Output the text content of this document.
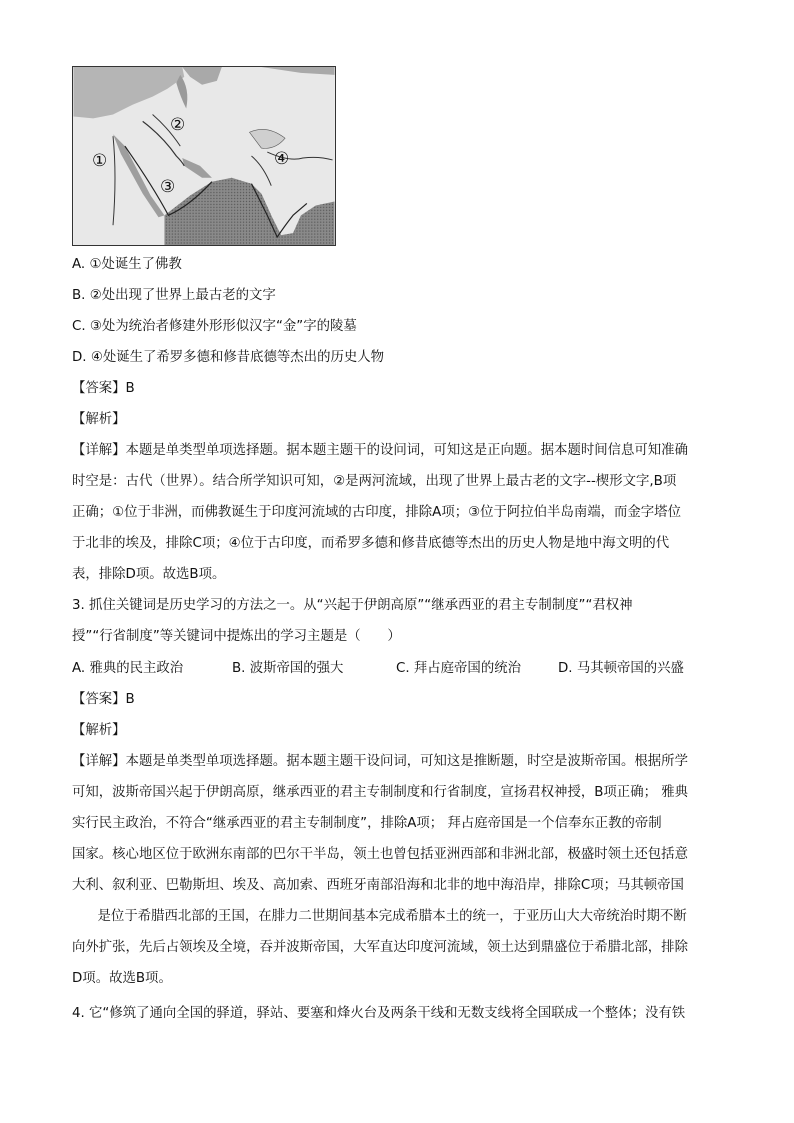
①
②
③
④
A. ①处诞生了佛教
B. ②处出现了世界上最古老的文字
C. ③处为统治者修建外形形似汉字“金”字的陵墓
D. ④处诞生了希罗多德和修昔底德等杰出的历史人物
【答案】B
【解析】
【详解】本题是单类型单项选择题。据本题主题干的设问词，可知这是正向题。据本题时间信息可知准确
时空是：古代（世界）。结合所学知识可知，②是两河流域，出现了世界上最古老的文字--楔形文字,B项
正确；①位于非洲，而佛教诞生于印度河流域的古印度，排除A项；③位于阿拉伯半岛南端，而金字塔位
于北非的埃及，排除C项；④位于古印度，而希罗多德和修昔底德等杰出的历史人物是地中海文明的代
表，排除D项。故选B项。
3. 抓住关键词是历史学习的方法之一。从“兴起于伊朗高原”“继承西亚的君主专制制度”“君权神
授”“行省制度”等关键词中提炼出的学习主题是（　　）
A. 雅典的民主政治	B. 波斯帝国的强大	C. 拜占庭帝国的统治	D. 马其顿帝国的兴盛
【答案】B
【解析】
【详解】本题是单类型单项选择题。据本题主题干设问词，可知这是推断题，时空是波斯帝国。根据所学
可知，波斯帝国兴起于伊朗高原，继承西亚的君主专制制度和行省制度，宣扬君权神授，B项正确； 雅典
实行民主政治，不符合“继承西亚的君主专制制度”，排除A项； 拜占庭帝国是一个信奉东正教的帝制
国家。核心地区位于欧洲东南部的巴尔干半岛，领土也曾包括亚洲西部和非洲北部，极盛时领土还包括意
大利、叙利亚、巴勒斯坦、埃及、高加索、西班牙南部沿海和北非的地中海沿岸，排除C项；马其顿帝国
是位于希腊西北部的王国，在腓力二世期间基本完成希腊本土的统一，于亚历山大大帝统治时期不断
向外扩张，先后占领埃及全境，吞并波斯帝国，大军直达印度河流域，领土达到鼎盛位于希腊北部，排除
D项。故选B项。
4. 它“修筑了通向全国的驿道，驿站、要塞和烽火台及两条干线和无数支线将全国联成一个整体；没有铁
